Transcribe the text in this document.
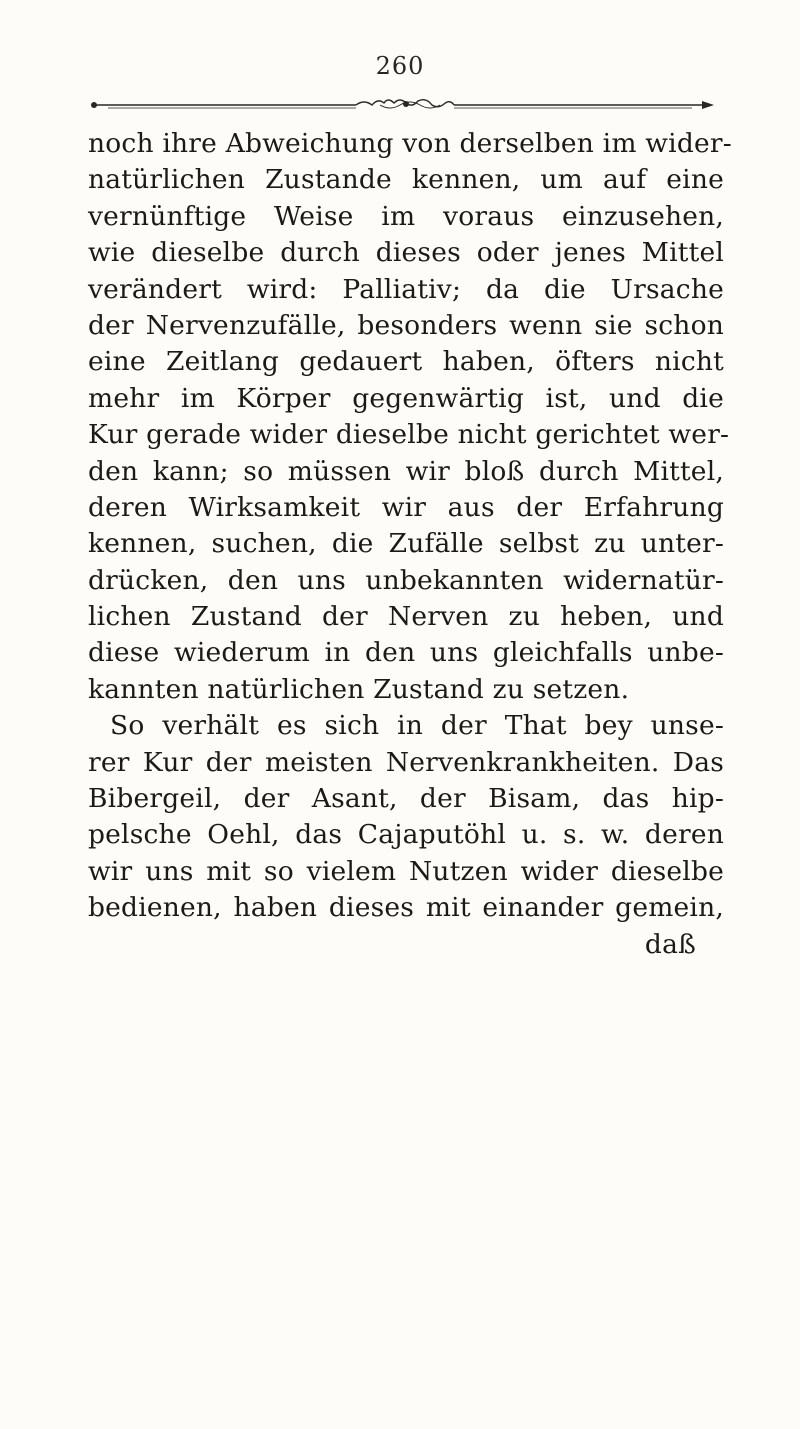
260
noch ihre Abweichung von derselben im wider-
natürlichen Zustande kennen, um auf eine
vernünftige Weise im voraus einzusehen,
wie dieselbe durch dieses oder jenes Mittel
verändert wird: Palliativ; da die Ursache
der Nervenzufälle, besonders wenn sie schon
eine Zeitlang gedauert haben, öfters nicht
mehr im Körper gegenwärtig ist, und die
Kur gerade wider dieselbe nicht gerichtet wer-
den kann; so müssen wir bloß durch Mittel,
deren Wirksamkeit wir aus der Erfahrung
kennen, suchen, die Zufälle selbst zu unter-
drücken, den uns unbekannten widernatür-
lichen Zustand der Nerven zu heben, und
diese wiederum in den uns gleichfalls unbe-
kannten natürlichen Zustand zu setzen.
So verhält es sich in der That bey unse-
rer Kur der meisten Nervenkrankheiten. Das
Bibergeil, der Asant, der Bisam, das hip-
pelsche Oehl, das Cajaputöhl u. s. w. deren
wir uns mit so vielem Nutzen wider dieselbe
bedienen, haben dieses mit einander gemein,
daß
